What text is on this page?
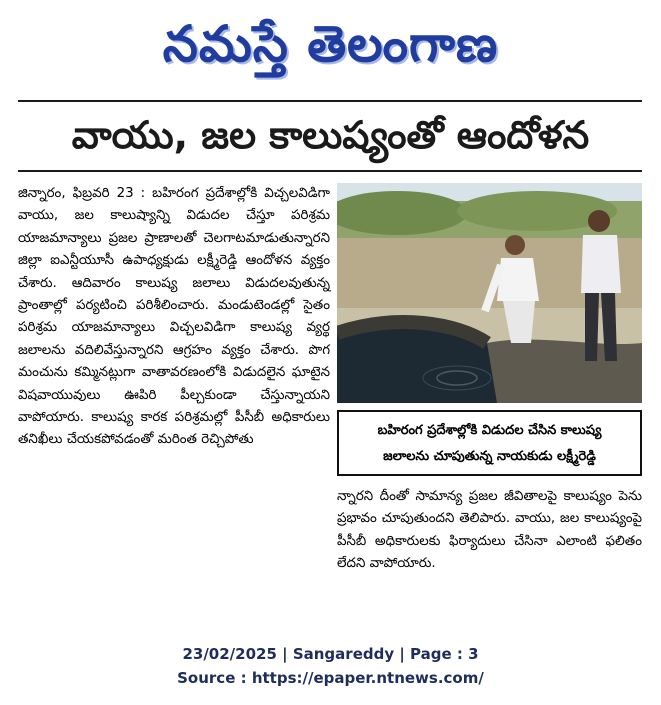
నమస్తే తెలంగాణ
వాయు, జల కాలుష్యంతో ఆందోళన

జిన్నారం, ఫిబ్రవరి 23 : బహిరంగ ప్రదేశాల్లోకి విచ్చలవిడిగా వాయు, జల కాలుష్యాన్ని విడుదల చేస్తూ పరిశ్రమ యాజమాన్యాలు ప్రజల ప్రాణాలతో చెలగాటమాడుతున్నారని జిల్లా ఐఎన్టీయూసీ ఉపాధ్యక్షుడు లక్ష్మీరెడ్డి ఆందోళన వ్యక్తం చేశారు. ఆదివారం కాలుష్య జలాలు విడుదలవుతున్న ప్రాంతాల్లో పర్యటించి పరిశీలించారు. మండుటెండల్లో సైతం పరిశ్రమ యాజమాన్యాలు విచ్చలవిడిగా కాలుష్య వ్యర్థ జలాలను వదిలివేస్తున్నారని ఆగ్రహం వ్యక్తం చేశారు. పొగ మంచును కమ్మినట్లుగా వాతావరణంలోకి విడుదలైన ఘాటైన విషవాయువులు ఊపిరి పీల్చకుండా చేస్తున్నాయని వాపోయారు. కాలుష్య కారక పరిశ్రమల్లో పీసీబీ అధికారులు తనిఖీలు చేయకపోవడంతో మరింత రెచ్చిపోతు

బహిరంగ ప్రదేశాల్లోకి విడుదల చేసిన కాలుష్య
జలాలను చూపుతున్న నాయకుడు లక్ష్మీరెడ్డి

న్నారని దీంతో సామాన్య ప్రజల జీవితాలపై కాలుష్యం పెను ప్రభావం చూపుతుందని తెలిపారు. వాయు, జల కాలుష్యంపై పీసీబీ అధికారులకు ఫిర్యాదులు చేసినా ఎలాంటి ఫలితం లేదని వాపోయారు.

23/02/2025 | Sangareddy | Page : 3
Source : https://epaper.ntnews.com/
